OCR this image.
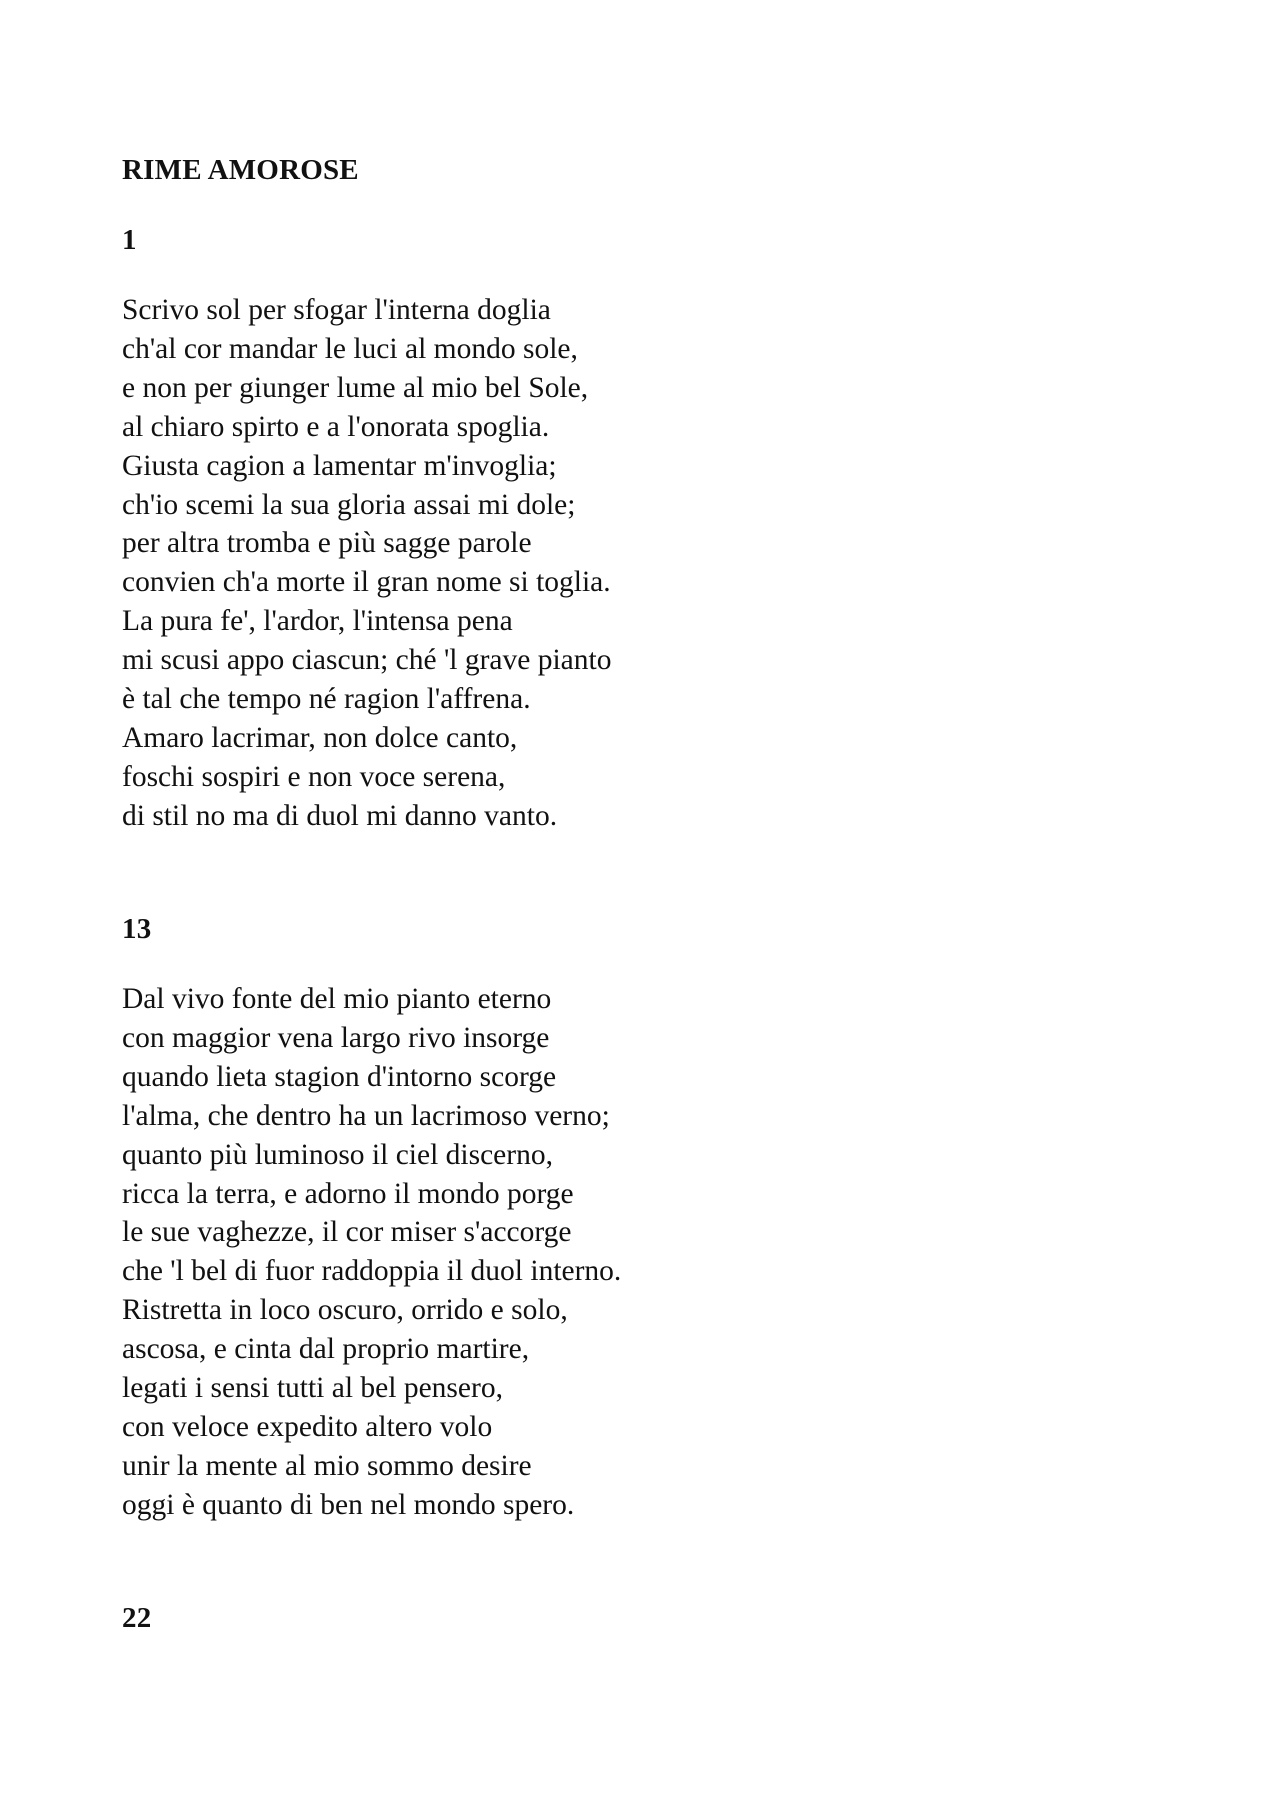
RIME AMOROSE
1
Scrivo sol per sfogar l'interna doglia
ch'al cor mandar le luci al mondo sole,
e non per giunger lume al mio bel Sole,
al chiaro spirto e a l'onorata spoglia.
Giusta cagion a lamentar m'invoglia;
ch'io scemi la sua gloria assai mi dole;
per altra tromba e più sagge parole
convien ch'a morte il gran nome si toglia.
La pura fe', l'ardor, l'intensa pena
mi scusi appo ciascun; ché 'l grave pianto
è tal che tempo né ragion l'affrena.
Amaro lacrimar, non dolce canto,
foschi sospiri e non voce serena,
di stil no ma di duol mi danno vanto.
13
Dal vivo fonte del mio pianto eterno
con maggior vena largo rivo insorge
quando lieta stagion d'intorno scorge
l'alma, che dentro ha un lacrimoso verno;
quanto più luminoso il ciel discerno,
ricca la terra, e adorno il mondo porge
le sue vaghezze, il cor miser s'accorge
che 'l bel di fuor raddoppia il duol interno.
Ristretta in loco oscuro, orrido e solo,
ascosa, e cinta dal proprio martire,
legati i sensi tutti al bel pensero,
con veloce expedito altero volo
unir la mente al mio sommo desire
oggi è quanto di ben nel mondo spero.
22
